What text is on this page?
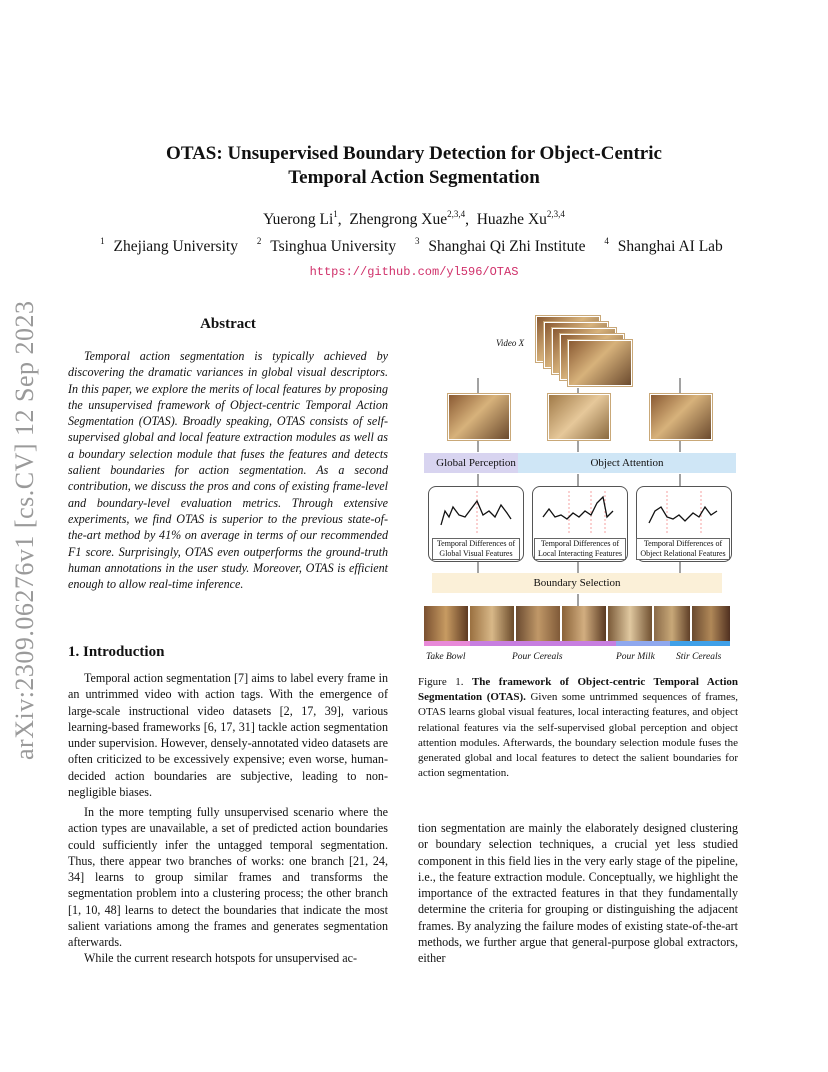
arXiv:2309.06276v1 [cs.CV] 12 Sep 2023
OTAS: Unsupervised Boundary Detection for Object-Centric
Temporal Action Segmentation
Yuerong Li$^1$,  Zhengrong Xue$^{2,3,4}$,  Huazhe Xu$^{2,3,4}$
$^1$ Zhejiang University $^2$ Tsinghua University $^3$ Shanghai Qi Zhi Institute $^4$ Shanghai AI Lab
https://github.com/yl596/OTAS
Abstract
Temporal action segmentation is typically achieved by discovering the dramatic variances in global visual descriptors. In this paper, we explore the merits of local features by proposing the unsupervised framework of Object-centric Temporal Action Segmentation (OTAS). Broadly speaking, OTAS consists of self-supervised global and local feature extraction modules as well as a boundary selection module that fuses the features and detects salient boundaries for action segmentation. As a second contribution, we discuss the pros and cons of existing frame-level and boundary-level evaluation metrics. Through extensive experiments, we find OTAS is superior to the previous state-of-the-art method by 41% on average in terms of our recommended F1 score. Surprisingly, OTAS even outperforms the ground-truth human annotations in the user study. Moreover, OTAS is efficient enough to allow real-time inference.
1. Introduction
Temporal action segmentation [7] aims to label every frame in an untrimmed video with action tags. With the emergence of large-scale instructional video datasets [2, 17, 39], various learning-based frameworks [6, 17, 31] tackle action segmentation under supervision. However, densely-annotated video datasets are often criticized to be excessively expensive; even worse, human-decided action boundaries are subjective, leading to non-negligible biases.
In the more tempting fully unsupervised scenario where the action types are unavailable, a set of predicted action boundaries could sufficiently infer the untagged temporal segmentation. Thus, there appear two branches of works: one branch [21, 24, 34] learns to group similar frames and transforms the segmentation problem into a clustering process; the other branch [1, 10, 48] learns to detect the boundaries that indicate the most salient variations among the frames and generates segmentation afterwards.
While the current research hotspots for unsupervised ac-
tion segmentation are mainly the elaborately designed clustering or boundary selection techniques, a crucial yet less studied component in this field lies in the very early stage of the pipeline, i.e., the feature extraction module. Conceptually, we highlight the importance of the extracted features in that they fundamentally determine the criteria for grouping or distinguishing the adjacent frames. By analyzing the failure modes of existing state-of-the-art methods, we further argue that general-purpose global extractors, either
Video X
Global Perception	Object Attention
Temporal Differences of Global Visual Features
Temporal Differences of Local Interacting Features
Temporal Differences of Object Relational Features
Boundary Selection
Take Bowl	Pour Cereals	Pour Milk Stir Cereals
Figure 1. The framework of Object-centric Temporal Action Segmentation (OTAS). Given some untrimmed sequences of frames, OTAS learns global visual features, local interacting features, and object relational features via the self-supervised global perception and object attention modules. Afterwards, the boundary selection module fuses the generated global and local features to detect the salient boundaries for action segmentation.
